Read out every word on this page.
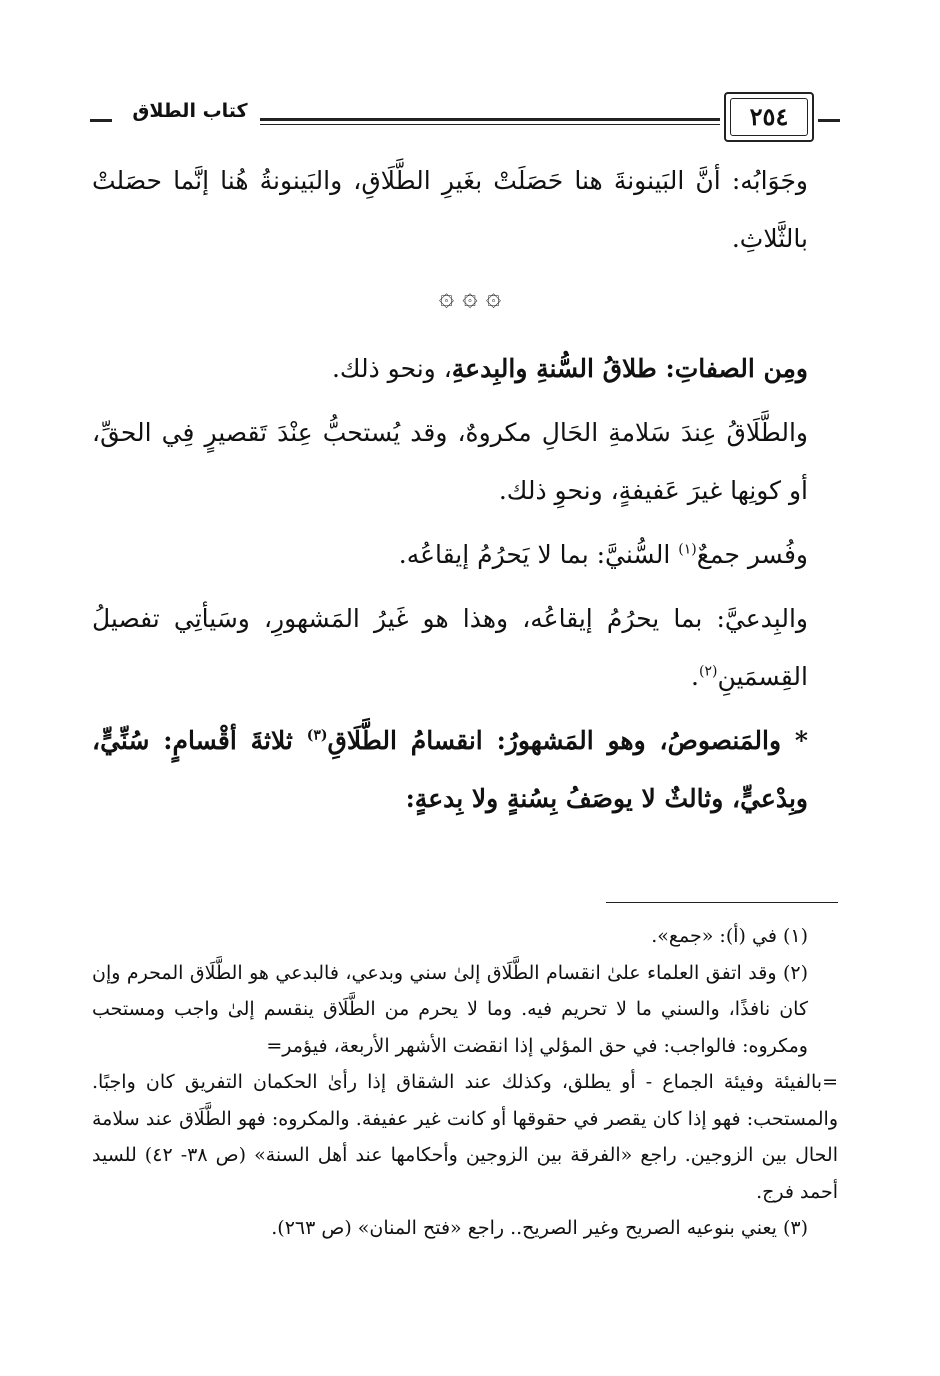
كتاب الطلاق	٢٥٤

وجَوَابُه: أنَّ البَينونةَ هنا حَصَلَتْ بغَيرِ الطَّلَاقِ، والبَينونةُ هُنا إنَّما حصَلتْ بالثَّلاثِ.

۞ ۞ ۞

ومِن الصفاتِ: طلاقُ السُّنةِ والبِدعةِ، ونحو ذلك.

والطَّلَاقُ عِندَ سَلامةِ الحَالِ مكروهٌ، وقد يُستحبُّ عِنْدَ تَقصيرٍ فِي الحقِّ، أو كونِها غيرَ عَفيفةٍ، ونحوِ ذلك.

وفُسر جمعٌ$^{(١)}$ السُّنيَّ: بما لا يَحرُمُ إيقاعُه.

والبِدعيَّ: بما يحرُمُ إيقاعُه، وهذا هو غَيرُ المَشهورِ، وسَيأتِي تفصيلُ القِسمَينِ$^{(٢)}$.

* والمَنصوصُ، وهو المَشهورُ: انقسامُ الطَّلَاقِ$^{(٣)}$ ثلاثةَ أقْسامٍ: سُنِّيٍّ، وبِدْعيٍّ، وثالثٌ لا يوصَفُ بِسُنةٍ ولا بِدعةٍ:

(١) في (أ): «جمع».

(٢) وقد اتفق العلماء علىٰ انقسام الطَّلَاق إلىٰ سني وبدعي، فالبدعي هو الطَّلَاق المحرم وإن كان نافذًا، والسني ما لا تحريم فيه. وما لا يحرم من الطَّلَاق ينقسم إلىٰ واجب ومستحب ومكروه: فالواجب: في حق المؤلي إذا انقضت الأشهر الأربعة، فيؤمر=

=بالفيئة وفيئة الجماع - أو يطلق، وكذلك عند الشقاق إذا رأىٰ الحكمان التفريق كان واجبًا. والمستحب: فهو إذا كان يقصر في حقوقها أو كانت غير عفيفة. والمكروه: فهو الطَّلَاق عند سلامة الحال بين الزوجين. راجع «الفرقة بين الزوجين وأحكامها عند أهل السنة» (ص ٣٨- ٤٢) للسيد أحمد فرج.

(٣) يعني بنوعيه الصريح وغير الصريح.. راجع «فتح المنان» (ص ٢٦٣).
